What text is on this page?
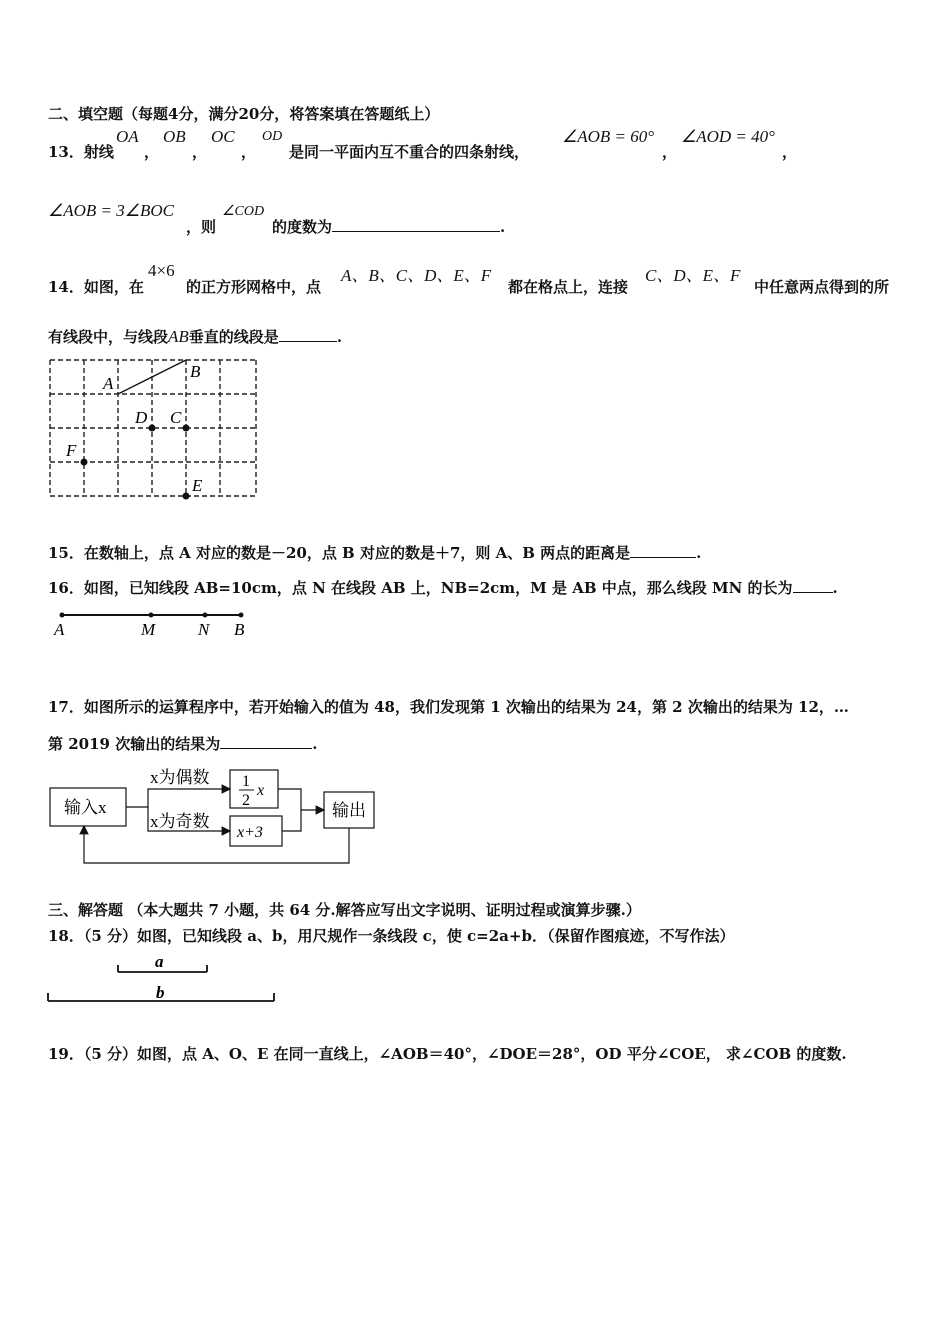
二、填空题（每题4分，满分20分，将答案填在答题纸上）
13．射线
OA
，
OB
，
OC
，
OD
是同一平面内互不重合的四条射线，
∠AOB = 60°
，
∠AOD = 40°
，
∠AOB = 3∠BOC
，则
∠COD
的度数为	.
14．如图，在
4×6
的正方形网格中，点
A、B、C、D、E、F
都在格点上，连接
C、D、E、F
中任意两点得到的所
有线段中，与线段AB垂直的线段是	.
A
B
D C
F
E
15．在数轴上，点 A 对应的数是－20，点 B 对应的数是＋7，则 A、B 两点的距离是	.
16．如图，已知线段 AB=10cm，点 N 在线段 AB 上，NB=2cm，M 是 AB 中点，那么线段 MN 的长为	.
A	M	N B
17．如图所示的运算程序中，若开始输入的值为 48，我们发现第 1 次输出的结果为 24，第 2 次输出的结果为 12，…
第 2019 次输出的结果为	.
输入x
x为偶数
x为奇数
1
2
x
x+3
输出
三、解答题 （本大题共 7 小题，共 64 分.解答应写出文字说明、证明过程或演算步骤.）
18．（5 分）如图，已知线段 a、b，用尺规作一条线段 c，使 c=2a+b．（保留作图痕迹，不写作法）
a
b
19．（5 分）如图，点 A、O、E 在同一直线上，∠AOB＝40°，∠DOE＝28°，OD 平分∠COE， 求∠COB 的度数.
